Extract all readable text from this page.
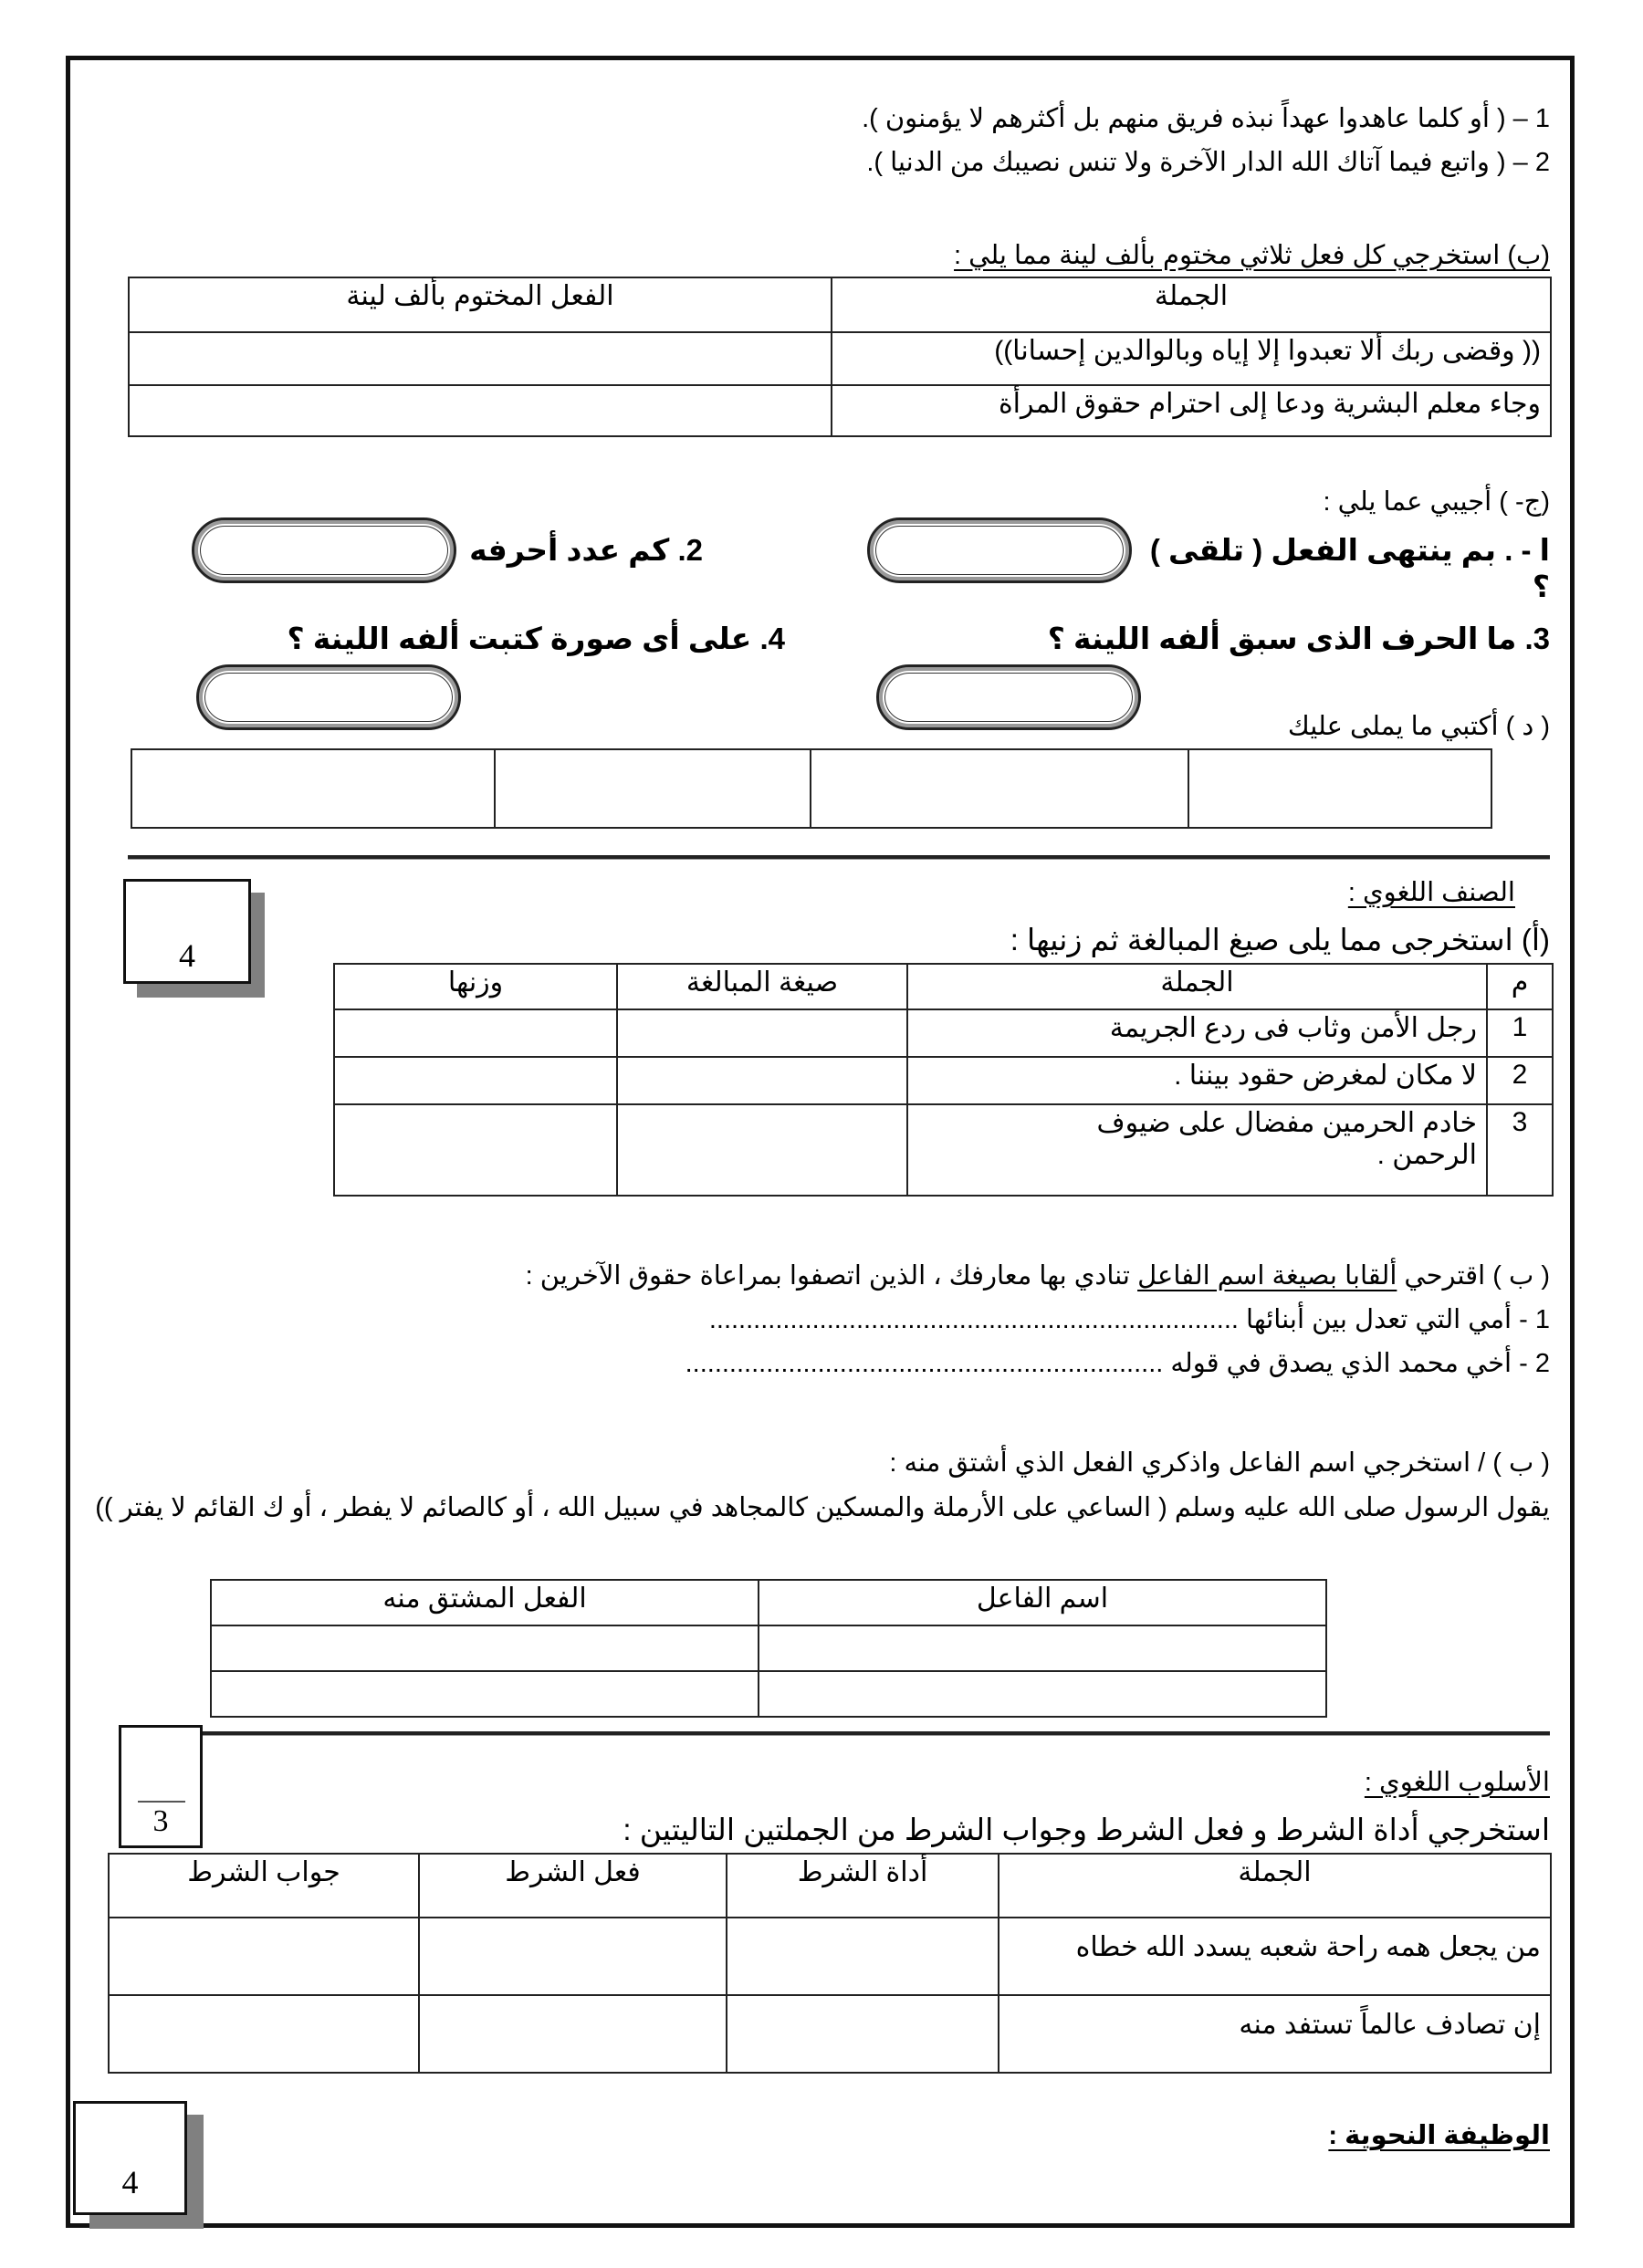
1 – ( أو كلما عاهدوا عهداً نبذه فريق منهم بل أكثرهم لا يؤمنون ).
2 – ( واتبع فيما آتاك الله الدار الآخرة ولا تنس نصيبك من الدنيا ).
(ب) استخرجي كل فعل ثلاثي مختوم بألف لينة مما يلي :
الجملة	الفعل المختوم بألف لينة
(( وقضى ربك ألا تعبدوا إلا إياه وبالوالدين إحسانا))	
وجاء معلم البشرية ودعا إلى احترام حقوق المرأة	
(ج- ) أجيبي عما يلي :
ا - . بم ينتهى الفعل ( تلقى ) ؟
2. كم عدد أحرفه
3. ما الحرف الذى سبق ألفه اللينة ؟
4. على أى صورة كتبت ألفه اللينة ؟
( د ) أكتبي ما يملى عليك

4
الصنف اللغوي :
(أ) استخرجى مما يلى صيغ المبالغة ثم زنيها :
م	الجملة	صيغة المبالغة	وزنها
1	رجل الأمن وثاب فى ردع الجريمة		
2	لا مكان لمغرض حقود بيننا .		
3	خادم الحرمين مفضال على ضيوف الرحمن .		
( ب ) اقترحي ألقابا بصيغة اسم الفاعل تنادي بها معارفك ، الذين اتصفوا بمراعاة حقوق الآخرين :
1 - أمي التي تعدل بين أبنائها ........................................................................
2 - أخي محمد الذي يصدق في قوله .................................................................
( ب ) / استخرجي اسم الفاعل واذكري الفعل الذي أشتق منه :
يقول الرسول صلى الله عليه وسلم ( الساعي على الأرملة والمسكين كالمجاهد في سبيل الله ، أو كالصائم لا يفطر ، أو ك القائم لا يفتر ))
اسم الفاعل	الفعل المشتق منه

3
الأسلوب اللغوي :
استخرجي أداة الشرط و فعل الشرط وجواب الشرط من الجملتين التاليتين :
الجملة	أداة الشرط	فعل الشرط	جواب الشرط
من يجعل همه راحة شعبه يسدد الله خطاه			
إن تصادف عالماً تستفد منه			
4
الوظيفة النحوية :
